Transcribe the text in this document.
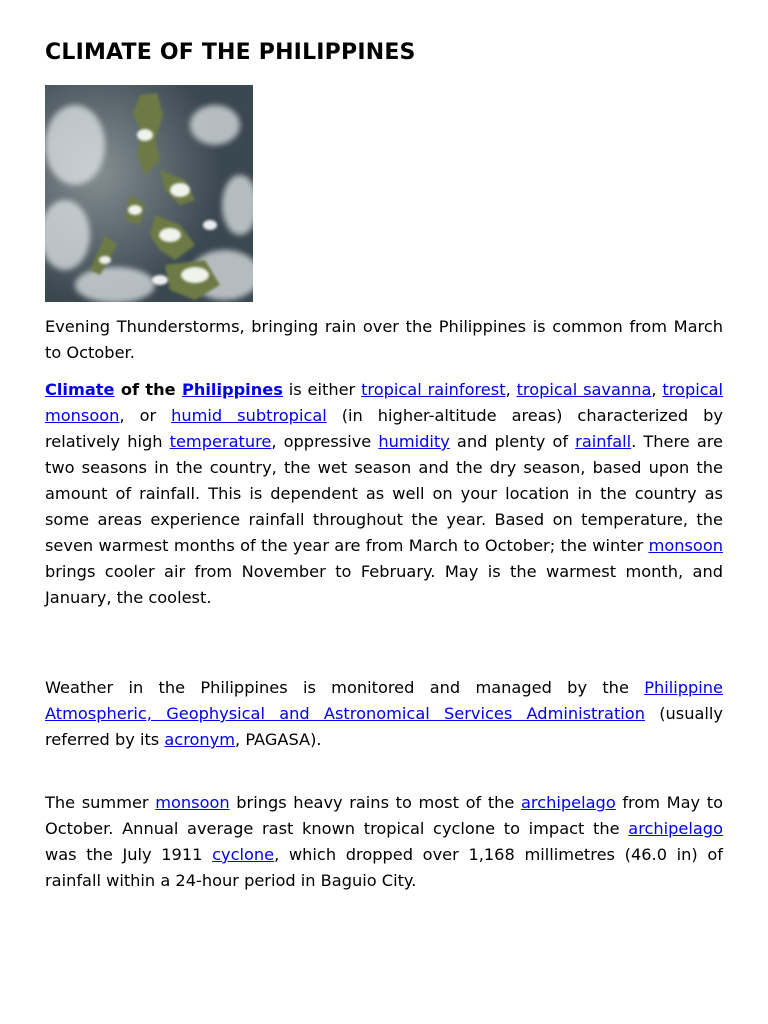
CLIMATE OF THE PHILIPPINES

Evening Thunderstorms, bringing rain over the Philippines is common from March to October.

Climate of the Philippines is either tropical rainforest, tropical savanna, tropical monsoon, or humid subtropical (in higher-altitude areas) characterized by relatively high temperature, oppressive humidity and plenty of rainfall. There are two seasons in the country, the wet season and the dry season, based upon the amount of rainfall. This is dependent as well on your location in the country as some areas experience rainfall throughout the year. Based on temperature, the seven warmest months of the year are from March to October; the winter monsoon brings cooler air from November to February. May is the warmest month, and January, the coolest.

Weather in the Philippines is monitored and managed by the Philippine Atmospheric, Geophysical and Astronomical Services Administration (usually referred by its acronym, PAGASA).

The summer monsoon brings heavy rains to most of the archipelago from May to October. Annual average rast known tropical cyclone to impact the archipelago was the July 1911 cyclone, which dropped over 1,168 millimetres (46.0 in) of rainfall within a 24-hour period in Baguio City.
